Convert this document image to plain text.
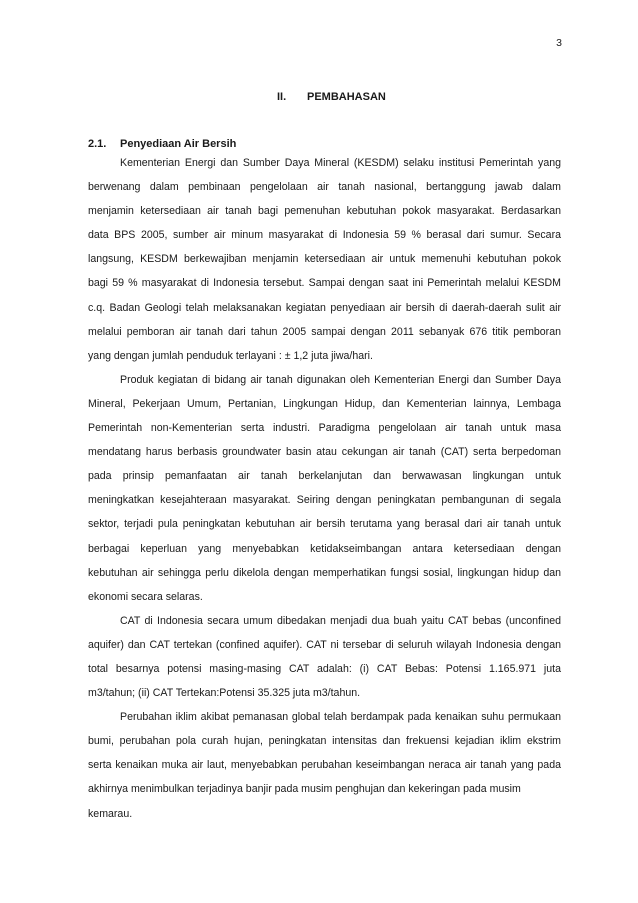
3
II. PEMBAHASAN
2.1. Penyediaan Air Bersih
Kementerian Energi dan Sumber Daya Mineral (KESDM) selaku institusi Pemerintah yang
berwenang dalam pembinaan pengelolaan air tanah nasional, bertanggung jawab dalam
menjamin ketersediaan air tanah bagi pemenuhan kebutuhan pokok masyarakat. Berdasarkan
data BPS 2005, sumber air minum masyarakat di Indonesia 59 % berasal dari sumur. Secara
langsung, KESDM berkewajiban menjamin ketersediaan air untuk memenuhi kebutuhan pokok
bagi 59 % masyarakat di Indonesia tersebut. Sampai dengan saat ini Pemerintah melalui KESDM
c.q. Badan Geologi telah melaksanakan kegiatan penyediaan air bersih di daerah-daerah sulit air
melalui pemboran air tanah dari tahun 2005 sampai dengan 2011 sebanyak 676 titik pemboran
yang dengan jumlah penduduk terlayani : ± 1,2 juta jiwa/hari.
Produk kegiatan di bidang air tanah digunakan oleh Kementerian Energi dan Sumber Daya
Mineral, Pekerjaan Umum, Pertanian, Lingkungan Hidup, dan Kementerian lainnya, Lembaga
Pemerintah non-Kementerian serta industri. Paradigma pengelolaan air tanah untuk masa
mendatang harus berbasis groundwater basin atau cekungan air tanah (CAT) serta berpedoman
pada prinsip pemanfaatan air tanah berkelanjutan dan berwawasan lingkungan untuk
meningkatkan kesejahteraan masyarakat. Seiring dengan peningkatan pembangunan di segala
sektor, terjadi pula peningkatan kebutuhan air bersih terutama yang berasal dari air tanah untuk
berbagai keperluan yang menyebabkan ketidakseimbangan antara ketersediaan dengan
kebutuhan air sehingga perlu dikelola dengan memperhatikan fungsi sosial, lingkungan hidup dan
ekonomi secara selaras.
CAT di Indonesia secara umum dibedakan menjadi dua buah yaitu CAT bebas (unconfined
aquifer) dan CAT tertekan (confined aquifer). CAT ni tersebar di seluruh wilayah Indonesia dengan
total besarnya potensi masing-masing CAT adalah: (i) CAT Bebas: Potensi 1.165.971 juta
m3/tahun; (ii) CAT Tertekan:Potensi 35.325 juta m3/tahun.
Perubahan iklim akibat pemanasan global telah berdampak pada kenaikan suhu permukaan
bumi, perubahan pola curah hujan, peningkatan intensitas dan frekuensi kejadian iklim ekstrim
serta kenaikan muka air laut, menyebabkan perubahan keseimbangan neraca air tanah yang pada
akhirnya menimbulkan terjadinya banjir pada musim penghujan dan kekeringan pada musim
kemarau.
